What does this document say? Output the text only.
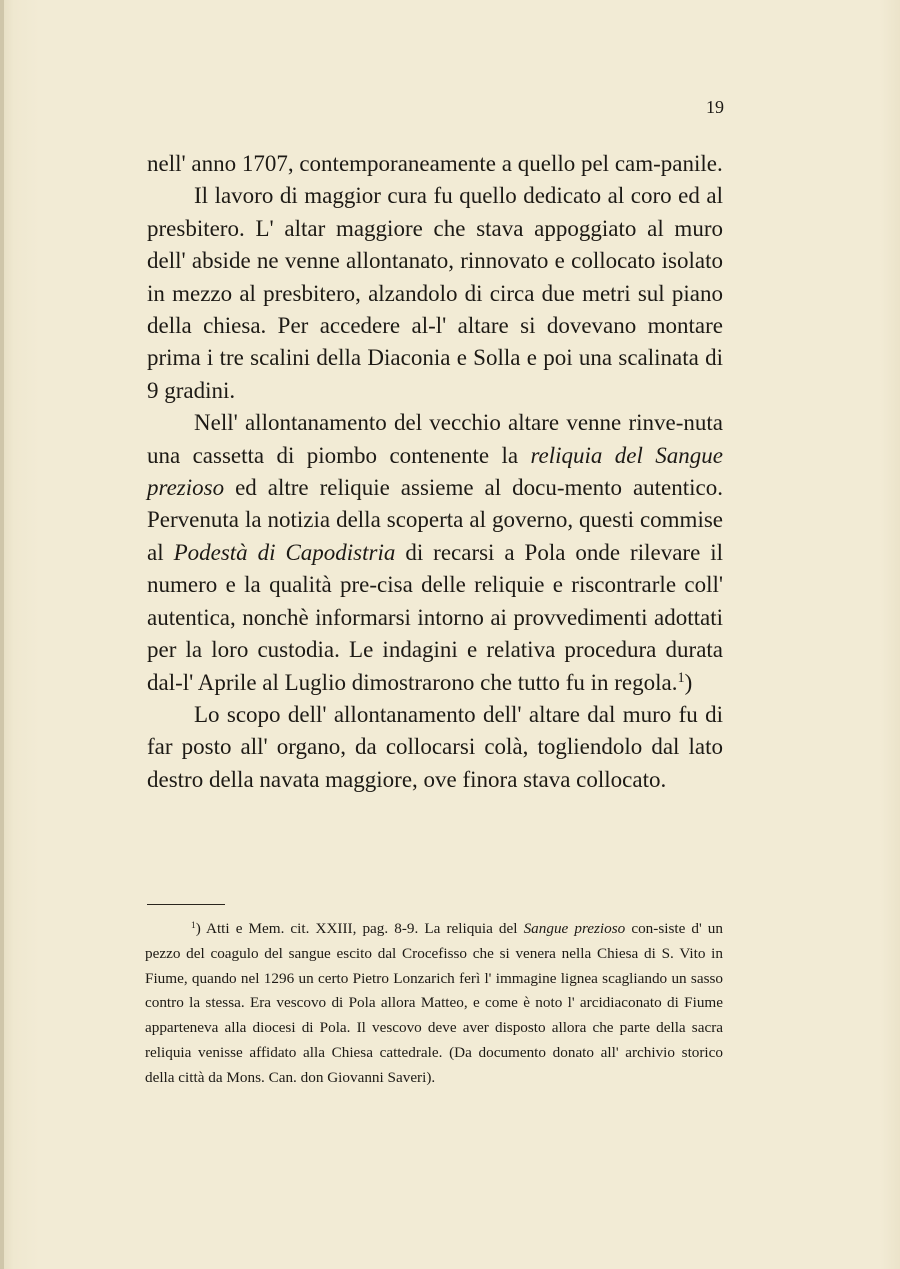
19

nell' anno 1707, contemporaneamente a quello pel cam-panile.

Il lavoro di maggior cura fu quello dedicato al coro ed al presbitero. L' altar maggiore che stava appoggiato al muro dell' abside ne venne allontanato, rinnovato e collocato isolato in mezzo al presbitero, alzandolo di circa due metri sul piano della chiesa. Per accedere al-l' altare si dovevano montare prima i tre scalini della Diaconia e Solla e poi una scalinata di 9 gradini.

Nell' allontanamento del vecchio altare venne rinve-nuta una cassetta di piombo contenente la reliquia del Sangue prezioso ed altre reliquie assieme al docu-mento autentico. Pervenuta la notizia della scoperta al governo, questi commise al Podestà di Capodistria di recarsi a Pola onde rilevare il numero e la qualità pre-cisa delle reliquie e riscontrarle coll' autentica, nonchè informarsi intorno ai provvedimenti adottati per la loro custodia. Le indagini e relativa procedura durata dal-l' Aprile al Luglio dimostrarono che tutto fu in regola.$^1$)

Lo scopo dell' allontanamento dell' altare dal muro fu di far posto all' organo, da collocarsi colà, togliendolo dal lato destro della navata maggiore, ove finora stava collocato.

$^1$) Atti e Mem. cit. XXIII, pag. 8-9. La reliquia del Sangue prezioso con-siste d' un pezzo del coagulo del sangue escito dal Crocefisso che si venera nella Chiesa di S. Vito in Fiume, quando nel 1296 un certo Pietro Lonzarich ferì l' immagine lignea scagliando un sasso contro la stessa. Era vescovo di Pola allora Matteo, e come è noto l' arcidiaconato di Fiume apparteneva alla diocesi di Pola. Il vescovo deve aver disposto allora che parte della sacra reliquia venisse affidato alla Chiesa cattedrale. (Da documento donato all' archivio storico della città da Mons. Can. don Giovanni Saveri).
